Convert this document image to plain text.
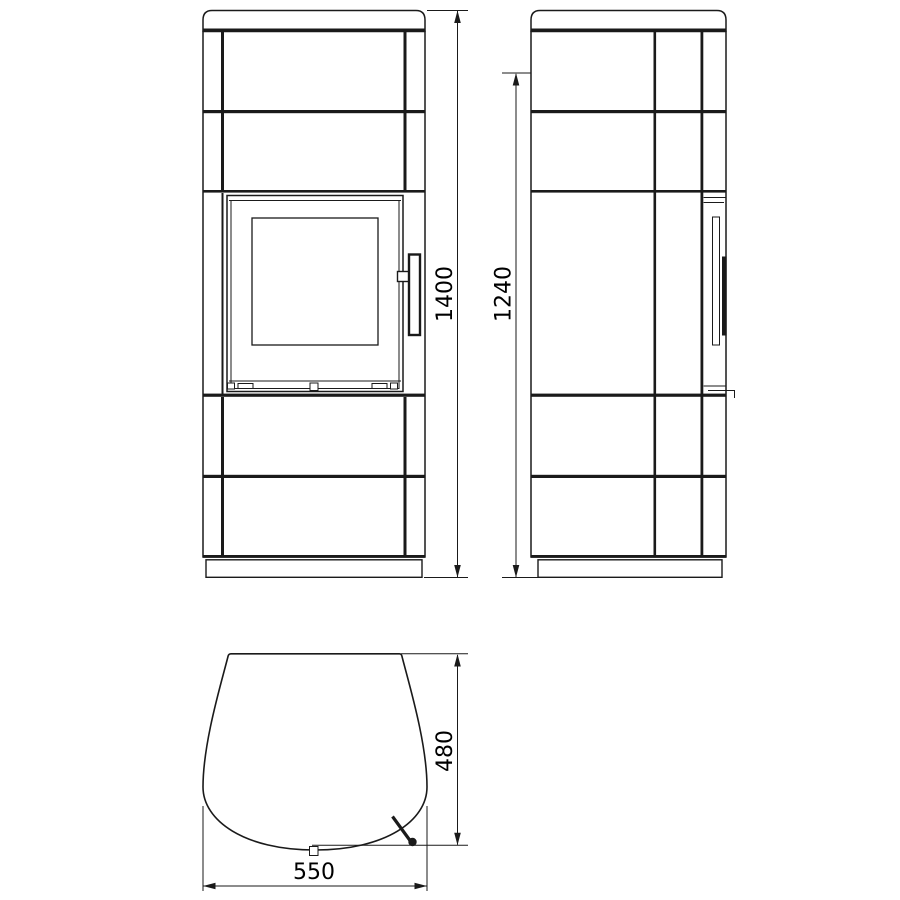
1400 1240
480
550
